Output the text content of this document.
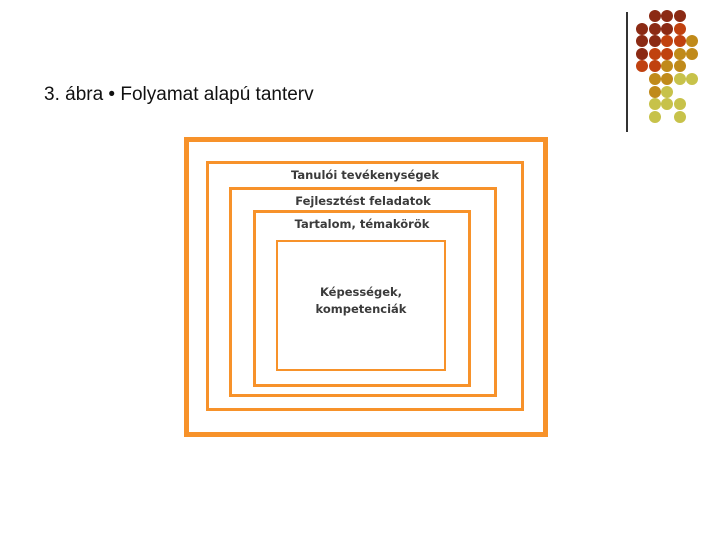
3. ábra • Folyamat alapú tanterv
Tanulói tevékenységek
Fejlesztést feladatok
Tartalom, témakörök
Képességek,
kompetenciák
